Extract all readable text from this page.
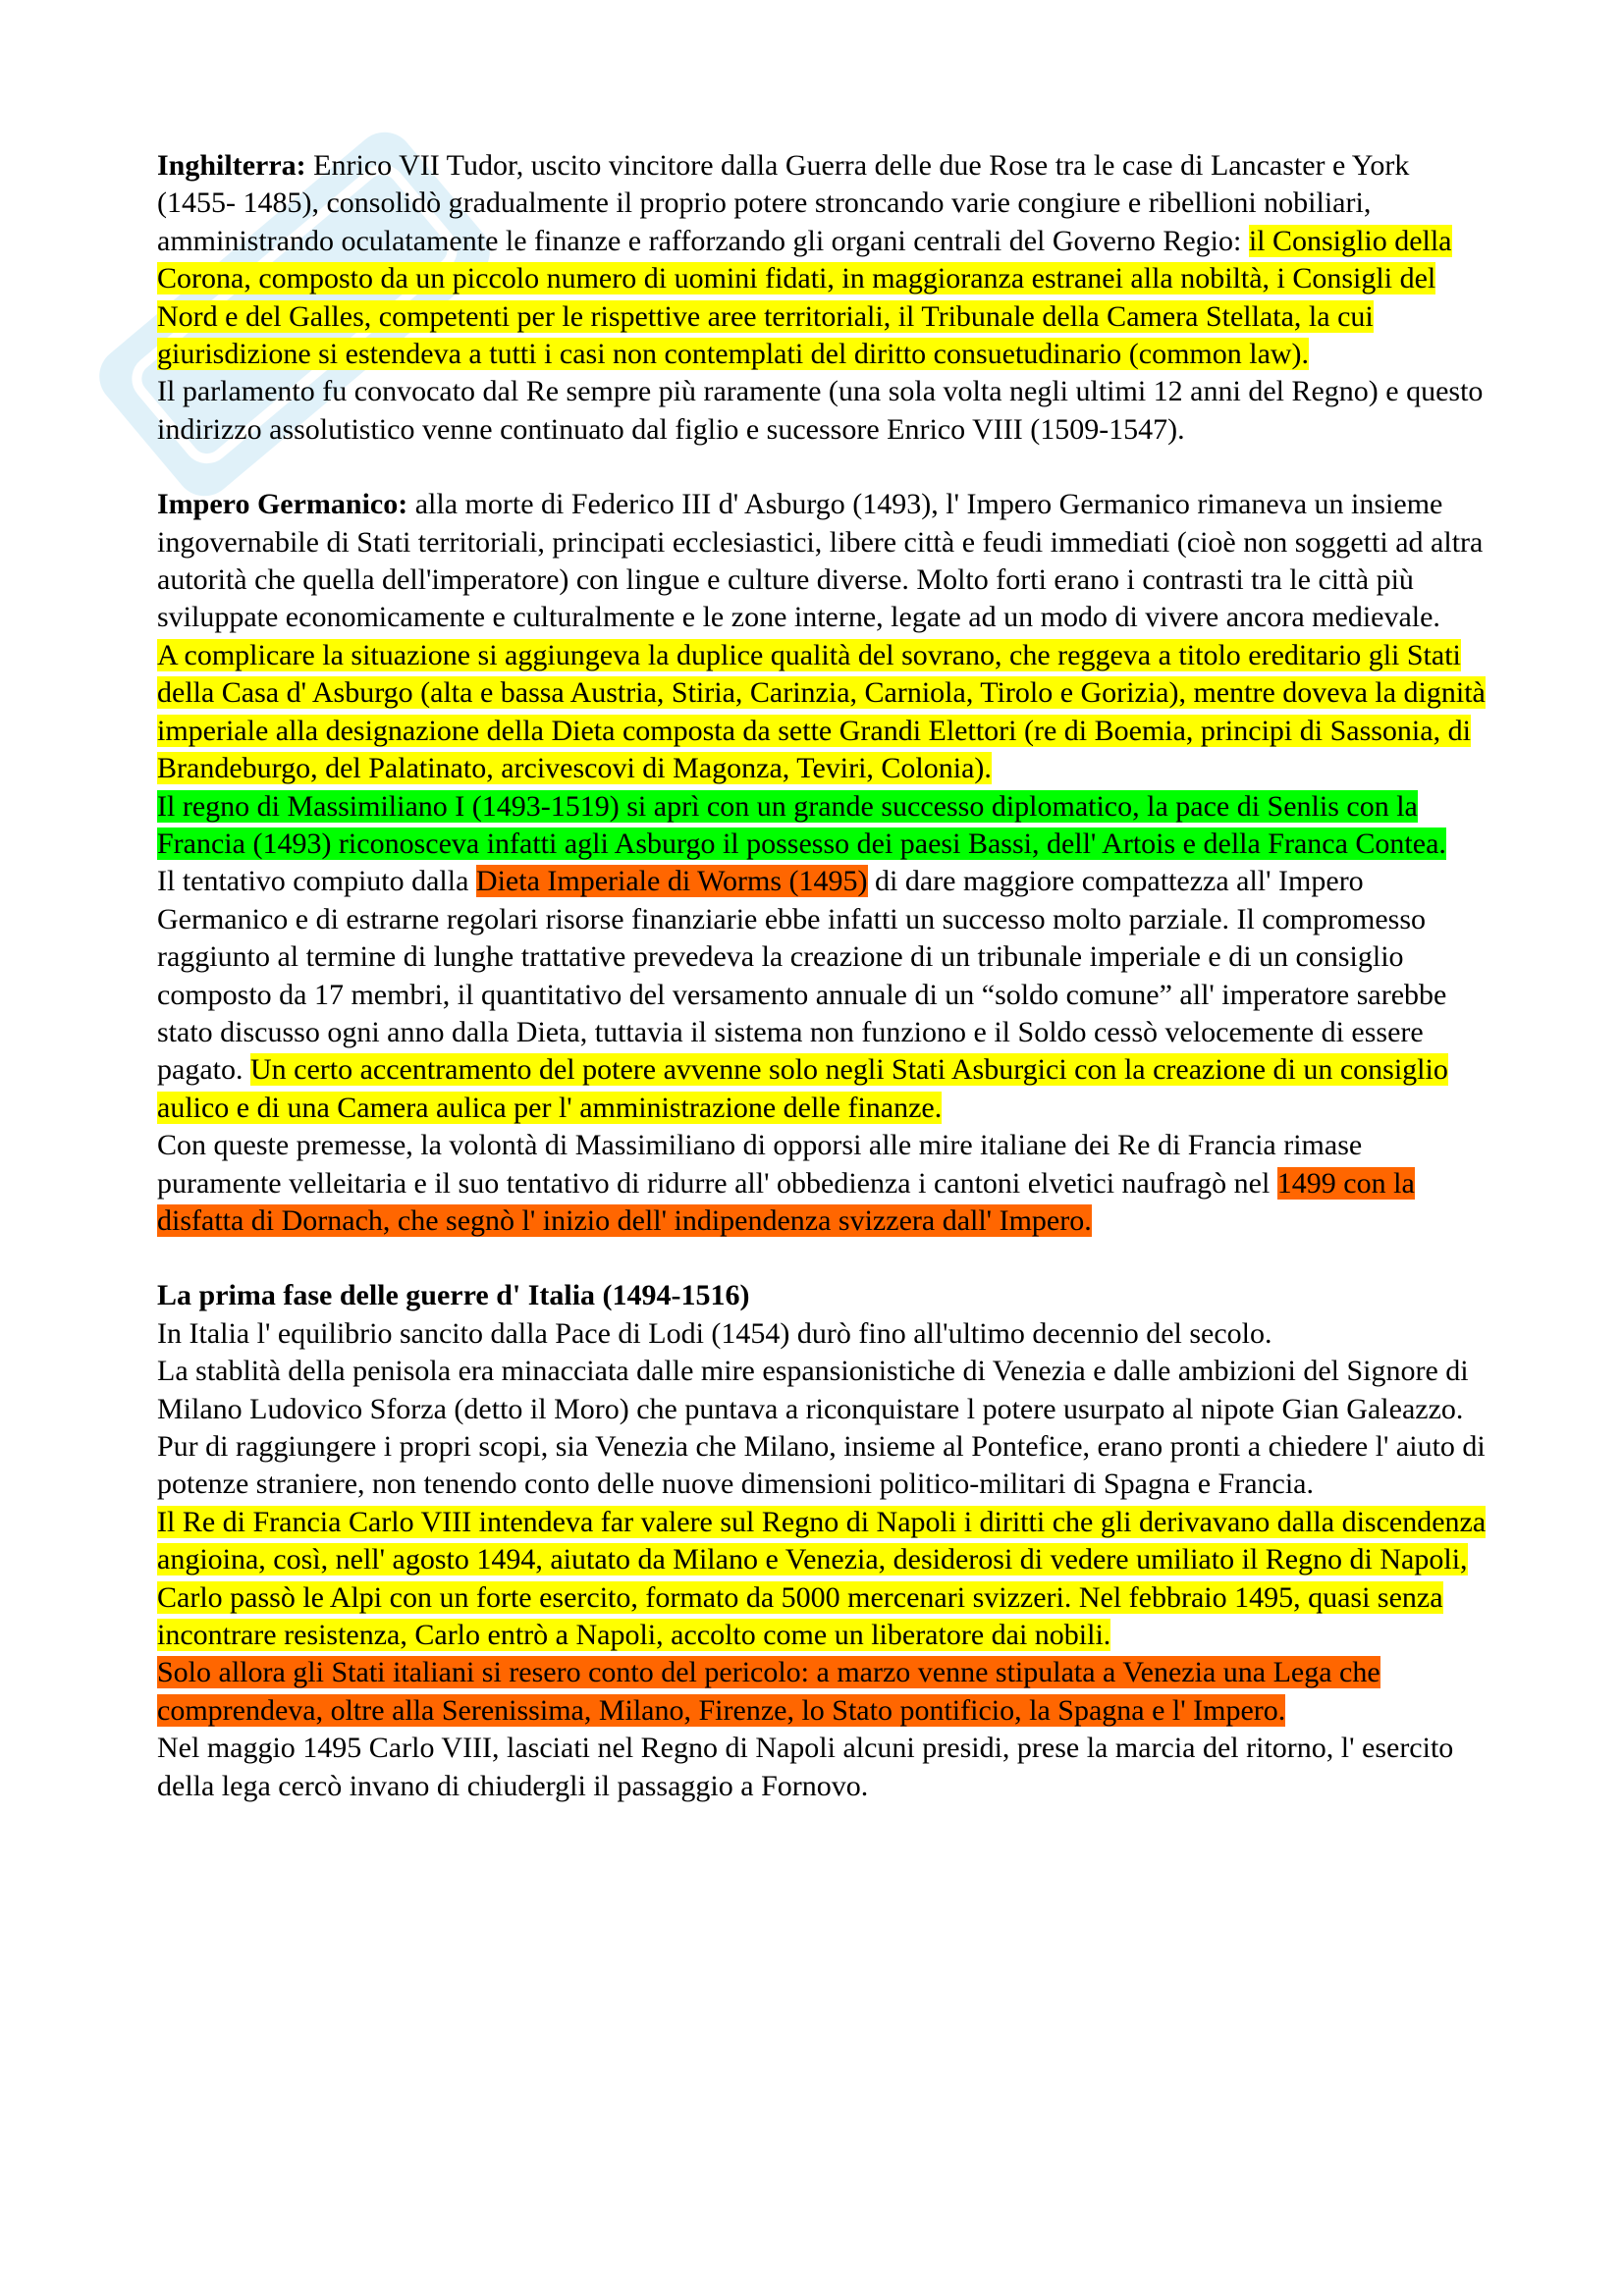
Inghilterra: Enrico VII Tudor, uscito vincitore dalla Guerra delle due Rose tra le case di Lancaster e York (1455- 1485), consolidò gradualmente il proprio potere stroncando varie congiure e ribellioni nobiliari, amministrando oculatamente le finanze e rafforzando gli organi centrali del Governo Regio: il Consiglio della Corona, composto da un piccolo numero di uomini fidati, in maggioranza estranei alla nobiltà, i Consigli del Nord e del Galles, competenti per le rispettive aree territoriali, il Tribunale della Camera Stellata, la cui giurisdizione si estendeva a tutti i casi non contemplati del diritto consuetudinario (common law).

Il parlamento fu convocato dal Re sempre più raramente (una sola volta negli ultimi 12 anni del Regno) e questo indirizzo assolutistico venne continuato dal figlio e sucessore Enrico VIII (1509-1547).

Impero Germanico: alla morte di Federico III d' Asburgo (1493), l' Impero Germanico rimaneva un insieme ingovernabile di Stati territoriali, principati ecclesiastici, libere città e feudi immediati (cioè non soggetti ad altra autorità che quella dell'imperatore) con lingue e culture diverse. Molto forti erano i contrasti tra le città più sviluppate economicamente e culturalmente e le zone interne, legate ad un modo di vivere ancora medievale.

A complicare la situazione si aggiungeva la duplice qualità del sovrano, che reggeva a titolo ereditario gli Stati della Casa d' Asburgo (alta e bassa Austria, Stiria, Carinzia, Carniola, Tirolo e Gorizia), mentre doveva la dignità imperiale alla designazione della Dieta composta da sette Grandi Elettori (re di Boemia, principi di Sassonia, di Brandeburgo, del Palatinato, arcivescovi di Magonza, Teviri, Colonia).

Il regno di Massimiliano I (1493-1519) si aprì con un grande successo diplomatico, la pace di Senlis con la Francia (1493) riconosceva infatti agli Asburgo il possesso dei paesi Bassi, dell' Artois e della Franca Contea.

Il tentativo compiuto dalla Dieta Imperiale di Worms (1495) di dare maggiore compattezza all' Impero Germanico e di estrarne regolari risorse finanziarie ebbe infatti un successo molto parziale. Il compromesso raggiunto al termine di lunghe trattative prevedeva la creazione di un tribunale imperiale e di un consiglio composto da 17 membri, il quantitativo del versamento annuale di un “soldo comune” all' imperatore sarebbe stato discusso ogni anno dalla Dieta, tuttavia il sistema non funziono e il Soldo cessò velocemente di essere pagato. Un certo accentramento del potere avvenne solo negli Stati Asburgici con la creazione di un consiglio aulico e di una Camera aulica per l' amministrazione delle finanze.

Con queste premesse, la volontà di Massimiliano di opporsi alle mire italiane dei Re di Francia rimase puramente velleitaria e il suo tentativo di ridurre all' obbedienza i cantoni elvetici naufragò nel 1499 con la disfatta di Dornach, che segnò l' inizio dell' indipendenza svizzera dall' Impero.

La prima fase delle guerre d' Italia (1494-1516)

In Italia l' equilibrio sancito dalla Pace di Lodi (1454) durò fino all'ultimo decennio del secolo.

La stablità della penisola era minacciata dalle mire espansionistiche di Venezia e dalle ambizioni del Signore di Milano Ludovico Sforza (detto il Moro) che puntava a riconquistare l potere usurpato al nipote Gian Galeazzo. Pur di raggiungere i propri scopi, sia Venezia che Milano, insieme al Pontefice, erano pronti a chiedere l' aiuto di potenze straniere, non tenendo conto delle nuove dimensioni politico-militari di Spagna e Francia.

Il Re di Francia Carlo VIII intendeva far valere sul Regno di Napoli i diritti che gli derivavano dalla discendenza angioina, così, nell' agosto 1494, aiutato da Milano e Venezia, desiderosi di vedere umiliato il Regno di Napoli, Carlo passò le Alpi con un forte esercito, formato da 5000 mercenari svizzeri. Nel febbraio 1495, quasi senza incontrare resistenza, Carlo entrò a Napoli, accolto come un liberatore dai nobili.

Solo allora gli Stati italiani si resero conto del pericolo: a marzo venne stipulata a Venezia una Lega che comprendeva, oltre alla Serenissima, Milano, Firenze, lo Stato pontificio, la Spagna e l' Impero.

Nel maggio 1495 Carlo VIII, lasciati nel Regno di Napoli alcuni presidi, prese la marcia del ritorno, l' esercito della lega cercò invano di chiudergli il passaggio a Fornovo.
